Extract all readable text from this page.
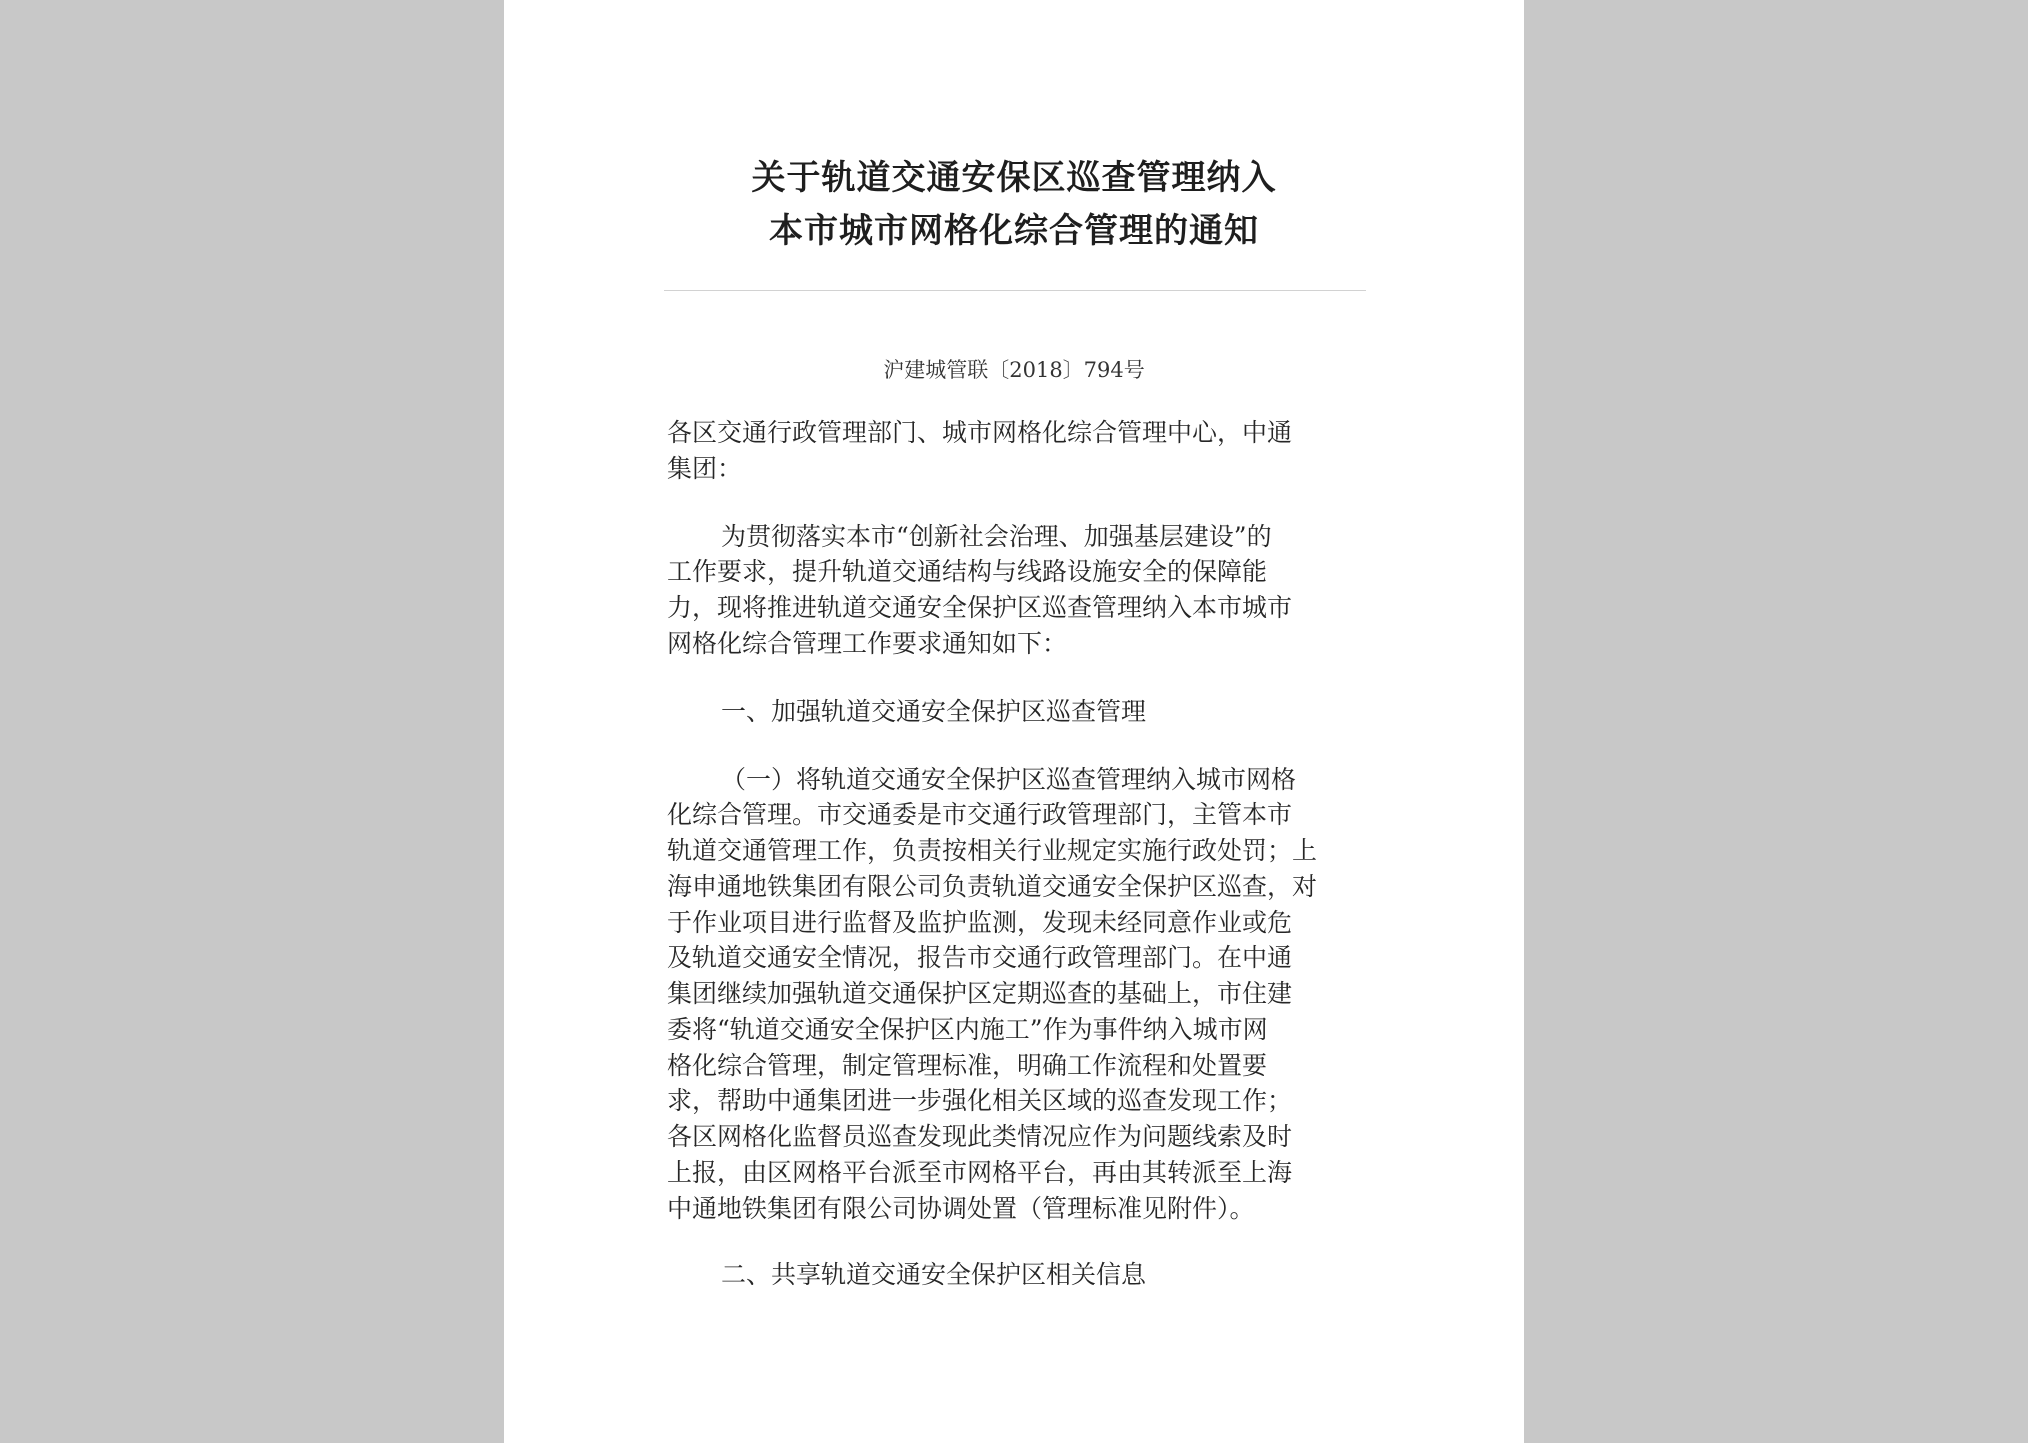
关于轨道交通安保区巡查管理纳入
本市城市网格化综合管理的通知
沪建城管联〔2018〕794号
各区交通行政管理部门、城市网格化综合管理中心，中通
集团：
为贯彻落实本市“创新社会治理、加强基层建设”的
工作要求，提升轨道交通结构与线路设施安全的保障能
力，现将推进轨道交通安全保护区巡查管理纳入本市城市
网格化综合管理工作要求通知如下：
一、加强轨道交通安全保护区巡查管理
（一）将轨道交通安全保护区巡查管理纳入城市网格
化综合管理。市交通委是市交通行政管理部门，主管本市
轨道交通管理工作，负责按相关行业规定实施行政处罚；上
海申通地铁集团有限公司负责轨道交通安全保护区巡查，对
于作业项目进行监督及监护监测，发现未经同意作业或危
及轨道交通安全情况，报告市交通行政管理部门。在中通
集团继续加强轨道交通保护区定期巡查的基础上，市住建
委将“轨道交通安全保护区内施工”作为事件纳入城市网
格化综合管理，制定管理标准，明确工作流程和处置要
求，帮助中通集团进一步强化相关区域的巡查发现工作；
各区网格化监督员巡查发现此类情况应作为问题线索及时
上报，由区网格平台派至市网格平台，再由其转派至上海
中通地铁集团有限公司协调处置（管理标准见附件）。
二、共享轨道交通安全保护区相关信息
